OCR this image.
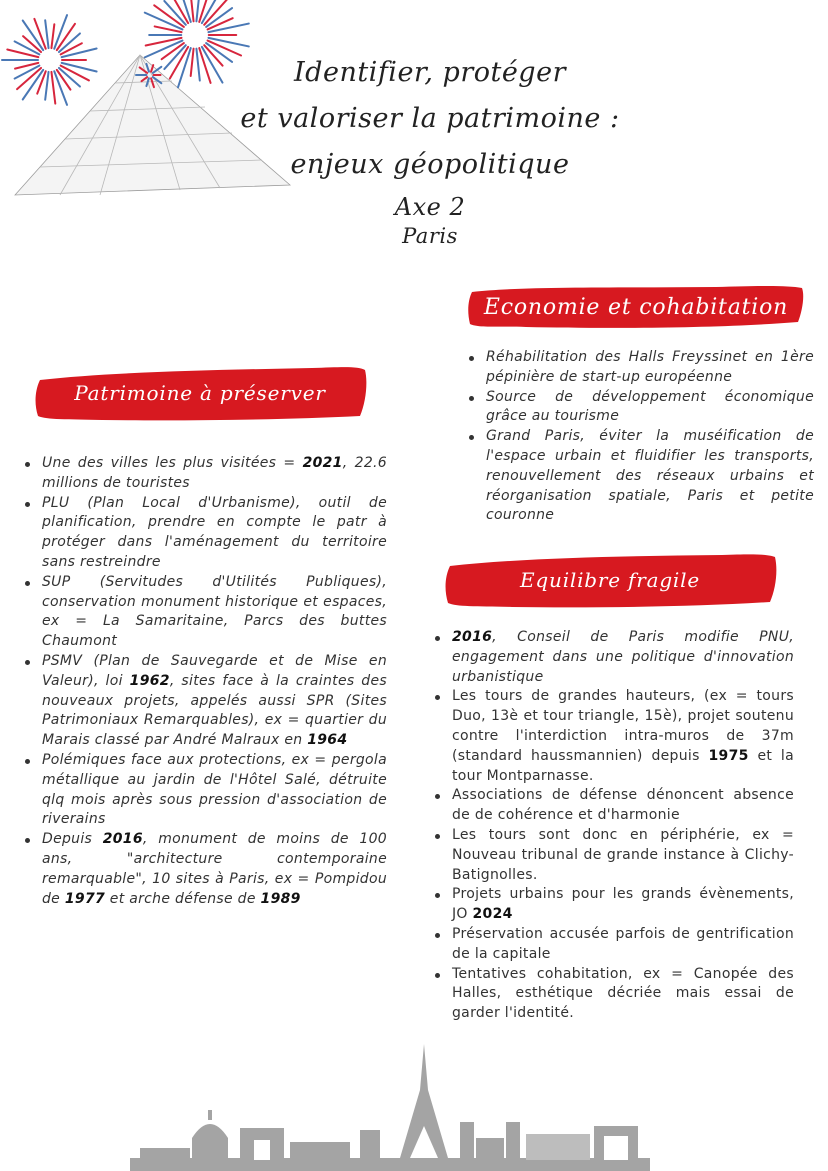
Identifier, protéger
et valoriser la patrimoine :
enjeux géopolitique
Axe 2
Paris
Economie et cohabitation
Réhabilitation des Halls Freyssinet en 1ère pépinière de start-up européenne
Source de développement économique grâce au tourisme
Grand Paris, éviter la muséification de l'espace urbain et fluidifier les transports, renouvellement des réseaux urbains et réorganisation spatiale, Paris et petite couronne
Patrimoine à préserver
Une des villes les plus visitées = 2021, 22.6 millions de touristes
PLU (Plan Local d'Urbanisme), outil de planification, prendre en compte le patr à protéger dans l'aménagement du territoire sans restreindre
SUP (Servitudes d'Utilités Publiques), conservation monument historique et espaces, ex = La Samaritaine, Parcs des buttes Chaumont
PSMV (Plan de Sauvegarde et de Mise en Valeur), loi 1962, sites face à la craintes des nouveaux projets, appelés aussi SPR (Sites Patrimoniaux Remarquables), ex = quartier du Marais classé par André Malraux en 1964
Polémiques face aux protections, ex = pergola métallique au jardin de l'Hôtel Salé, détruite qlq mois après sous pression d'association de riverains
Depuis 2016, monument de moins de 100 ans, "architecture contemporaine remarquable", 10 sites à Paris, ex = Pompidou de 1977 et arche défense de 1989
Equilibre fragile
2016, Conseil de Paris modifie PNU, engagement dans une politique d'innovation urbanistique
Les tours de grandes hauteurs, (ex = tours Duo, 13è et tour triangle, 15è), projet soutenu contre l'interdiction intra-muros de 37m (standard haussmannien) depuis 1975 et la tour Montparnasse.
Associations de défense dénoncent absence de de cohérence et d'harmonie
Les tours sont donc en périphérie, ex = Nouveau tribunal de grande instance à Clichy-Batignolles.
Projets urbains pour les grands évènements, JO 2024
Préservation accusée parfois de gentrification de la capitale
Tentatives cohabitation, ex = Canopée des Halles, esthétique décriée mais essai de garder l'identité.
